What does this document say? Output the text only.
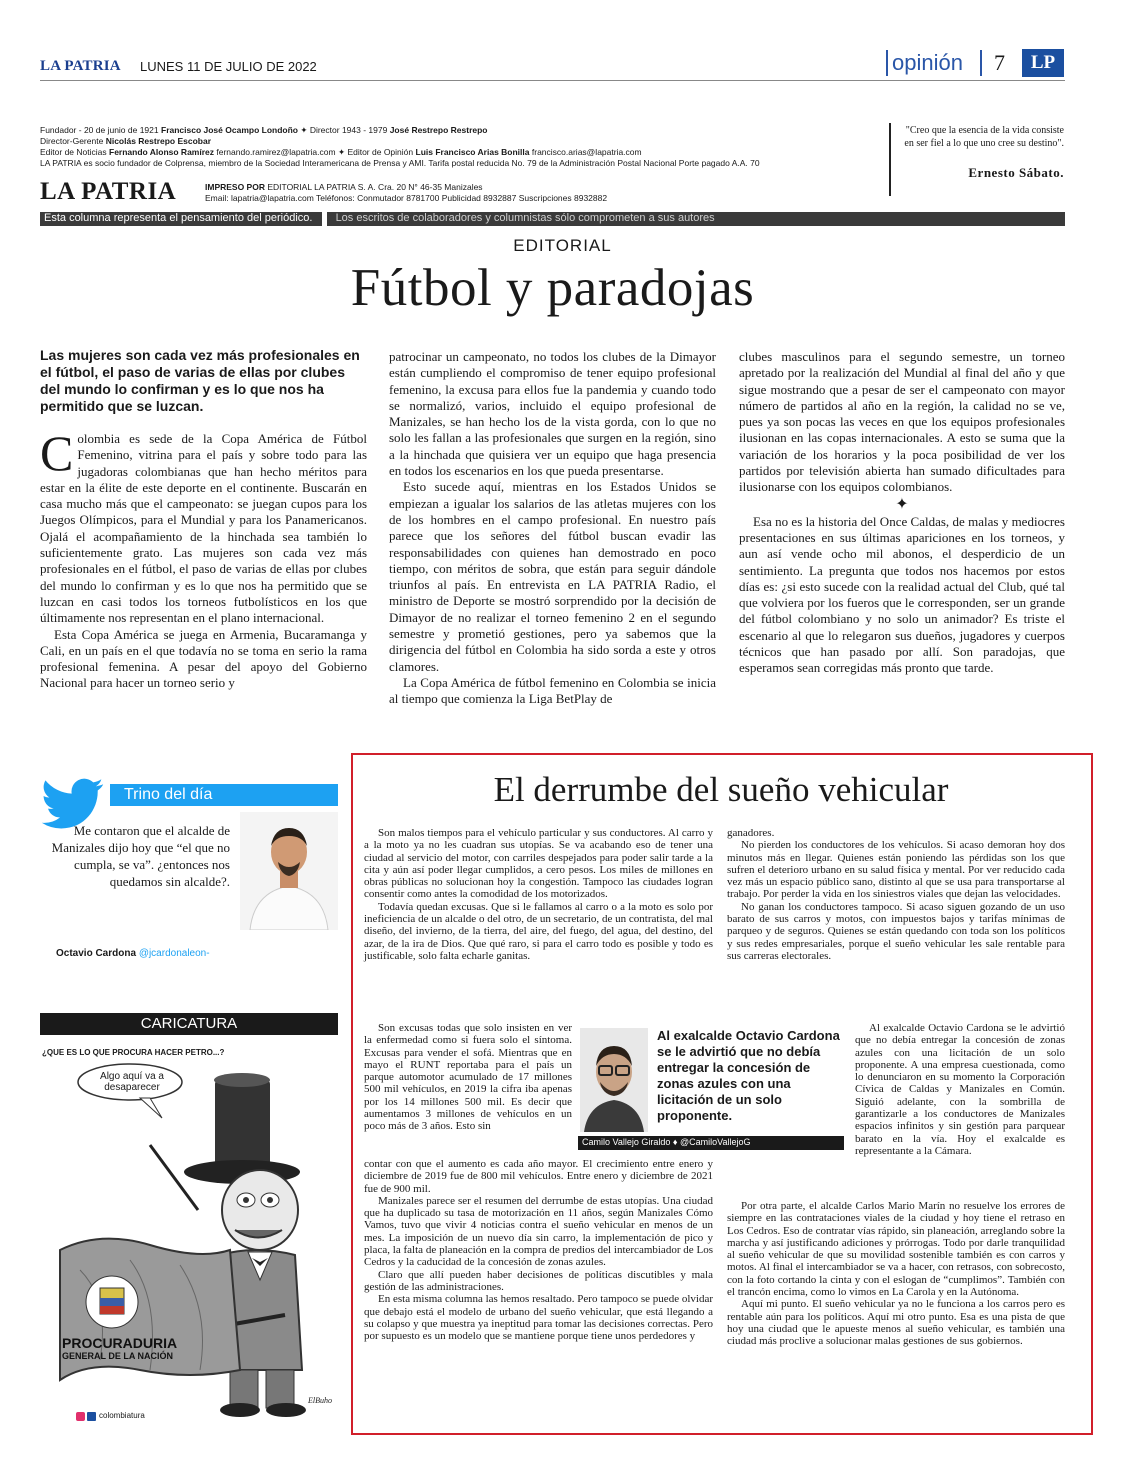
LA PATRIA LUNES 11 DE JULIO DE 2022	opinión 7	LP
Fundador - 20 de junio de 1921 Francisco José Ocampo Londoño ✦ Director 1943 - 1979 José Restrepo Restrepo
Director-Gerente Nicolás Restrepo Escobar
Editor de Noticias Fernando Alonso Ramírez fernando.ramirez@lapatria.com ✦ Editor de Opinión Luis Francisco Arias Bonilla francisco.arias@lapatria.com
LA PATRIA es socio fundador de Colprensa, miembro de la Sociedad Interamericana de Prensa y AMI. Tarifa postal reducida No. 79 de la Administración Postal Nacional Porte pagado A.A. 70
LA PATRIA	IMPRESO POR EDITORIAL LA PATRIA S. A. Cra. 20 N° 46-35 Manizales
Email: lapatria@lapatria.com Teléfonos: Conmutador 8781700 Publicidad 8932887 Suscripciones 8932882
"Creo que la esencia de la vida consiste en ser fiel a lo que uno cree su destino".
Ernesto Sábato.
Esta columna representa el pensamiento del periódico. Los escritos de colaboradores y columnistas sólo comprometen a sus autores
EDITORIAL
Fútbol y paradojas
Las mujeres son cada vez más profesionales en el fútbol, el paso de varias de ellas por clubes del mundo lo confirman y es lo que nos ha permitido que se luzcan.

Colombia es sede de la Copa América de Fútbol Femenino, vitrina para el país y sobre todo para las jugadoras colombianas que han hecho méritos para estar en la élite de este deporte en el continente. Buscarán en casa mucho más que el campeonato: se juegan cupos para los Juegos Olímpicos, para el Mundial y para los Panamericanos. Ojalá el acompañamiento de la hinchada sea también lo suficientemente grato. Las mujeres son cada vez más profesionales en el fútbol, el paso de varias de ellas por clubes del mundo lo confirman y es lo que nos ha permitido que se luzcan en casi todos los torneos futbolísticos en los que últimamente nos representan en el plano internacional.

Esta Copa América se juega en Armenia, Bucaramanga y Cali, en un país en el que todavía no se toma en serio la rama profesional femenina. A pesar del apoyo del Gobierno Nacional para hacer un torneo serio y

patrocinar un campeonato, no todos los clubes de la Dimayor están cumpliendo el compromiso de tener equipo profesional femenino, la excusa para ellos fue la pandemia y cuando todo se normalizó, varios, incluido el equipo profesional de Manizales, se han hecho los de la vista gorda, con lo que no solo les fallan a las profesionales que surgen en la región, sino a la hinchada que quisiera ver un equipo que haga presencia en todos los escenarios en los que pueda presentarse.

Esto sucede aquí, mientras en los Estados Unidos se empiezan a igualar los salarios de las atletas mujeres con los de los hombres en el campo profesional. En nuestro país parece que los señores del fútbol buscan evadir las responsabilidades con quienes han demostrado en poco tiempo, con méritos de sobra, que están para seguir dándole triunfos al país. En entrevista en LA PATRIA Radio, el ministro de Deporte se mostró sorprendido por la decisión de Dimayor de no realizar el torneo femenino 2 en el segundo semestre y prometió gestiones, pero ya sabemos que la dirigencia del fútbol en Colombia ha sido sorda a este y otros clamores.

La Copa América de fútbol femenino en Colombia se inicia al tiempo que comienza la Liga BetPlay de

clubes masculinos para el segundo semestre, un torneo apretado por la realización del Mundial al final del año y que sigue mostrando que a pesar de ser el campeonato con mayor número de partidos al año en la región, la calidad no se ve, pues ya son pocas las veces en que los equipos profesionales ilusionan en las copas internacionales. A esto se suma que la variación de los horarios y la poca posibilidad de ver los partidos por televisión abierta han sumado dificultades para ilusionarse con los equipos colombianos.

✦

Esa no es la historia del Once Caldas, de malas y mediocres presentaciones en sus últimas apariciones en los torneos, y aun así vende ocho mil abonos, el desperdicio de un sentimiento. La pregunta que todos nos hacemos por estos días es: ¿si esto sucede con la realidad actual del Club, qué tal que volviera por los fueros que le corresponden, ser un grande del fútbol colombiano y no solo un animador? Es triste el escenario al que lo relegaron sus dueños, jugadores y cuerpos técnicos que han pasado por allí. Son paradojas, que esperamos sean corregidas más pronto que tarde.

Trino del día
Me contaron que el alcalde de Manizales dijo hoy que “el que no cumpla, se va”. ¿entonces nos quedamos sin alcalde?.
Octavio Cardona @jcardonaleon-
CARICATURA
¿QUE ES LO QUE PROCURA HACER PETRO...?
Algo aquí va a desaparecer
PROCURADURIA
GENERAL DE LA NACIÓN
ElBuho
colombiatura
El derrumbe del sueño vehicular

Son malos tiempos para el vehículo particular y sus conductores. Al carro y a la moto ya no les cuadran sus utopías. Se va acabando eso de tener una ciudad al servicio del motor, con carriles despejados para poder salir tarde a la cita y aún así poder llegar cumplidos, a cero pesos. Los miles de millones en obras públicas no solucionan hoy la congestión. Tampoco las ciudades logran consentir como antes la comodidad de los motorizados.

Todavía quedan excusas. Que si le fallamos al carro o a la moto es solo por ineficiencia de un alcalde o del otro, de un secretario, de un contratista, del mal diseño, del invierno, de la tierra, del aire, del fuego, del agua, del destino, del azar, de la ira de Dios. Que qué raro, si para el carro todo es posible y todo es justificable, solo falta echarle ganitas.

Son excusas todas que solo insisten en ver la enfermedad como si fuera solo el síntoma. Excusas para vender el sofá. Mientras que en mayo el RUNT reportaba para el país un parque automotor acumulado de 17 millones 500 mil vehículos, en 2019 la cifra iba apenas por los 14 millones 500 mil. Es decir que aumentamos 3 millones de vehículos en un poco más de 3 años. Esto sin

contar con que el aumento es cada año mayor. El crecimiento entre enero y diciembre de 2019 fue de 800 mil vehículos. Entre enero y diciembre de 2021 fue de 900 mil.

Manizales parece ser el resumen del derrumbe de estas utopías. Una ciudad que ha duplicado su tasa de motorización en 11 años, según Manizales Cómo Vamos, tuvo que vivir 4 noticias contra el sueño vehicular en menos de un mes. La imposición de un nuevo día sin carro, la implementación de pico y placa, la falta de planeación en la compra de predios del intercambiador de Los Cedros y la caducidad de la concesión de zonas azules.

Claro que allí pueden haber decisiones de políticas discutibles y mala gestión de las administraciones.

En esta misma columna las hemos resaltado. Pero tampoco se puede olvidar que debajo está el modelo de urbano del sueño vehicular, que está llegando a su colapso y que muestra ya ineptitud para tomar las decisiones correctas. Pero por supuesto es un modelo que se mantiene porque tiene unos perdedores y

ganadores.

No pierden los conductores de los vehículos. Si acaso demoran hoy dos minutos más en llegar. Quienes están poniendo las pérdidas son los que sufren el deterioro urbano en su salud física y mental. Por ver reducido cada vez más un espacio público sano, distinto al que se usa para transportarse al trabajo. Por perder la vida en los siniestros viales que dejan las velocidades.

No ganan los conductores tampoco. Si acaso siguen gozando de un uso barato de sus carros y motos, con impuestos bajos y tarifas mínimas de parqueo y de seguros. Quienes se están quedando con toda son los políticos y sus redes empresariales, porque el sueño vehicular les sale rentable para sus carreras electorales.

Al exalcalde Octavio Cardona se le advirtió que no debía entregar la concesión de zonas azules con una licitación de un solo proponente. A una empresa cuestionada, como lo denunciaron en su momento la Corporación Cívica de Caldas y Manizales en Común. Siguió adelante, con la sombrilla de garantizarle a los conductores de Manizales espacios infinitos y sin gestión para parquear barato en la vía. Hoy el exalcalde es representante a la Cámara.

Por otra parte, el alcalde Carlos Mario Marín no resuelve los errores de siempre en las contrataciones viales de la ciudad y hoy tiene el retraso en Los Cedros. Eso de contratar vías rápido, sin planeación, arreglando sobre la marcha y así justificando adiciones y prórrogas. Todo por darle tranquilidad al sueño vehicular de que su movilidad sostenible también es con carros y motos. Al final el intercambiador se va a hacer, con retrasos, con sobrecosto, con la foto cortando la cinta y con el eslogan de “cumplimos”. También con el trancón encima, como lo vimos en La Carola y en la Autónoma.

Aquí mi punto. El sueño vehicular ya no le funciona a los carros pero es rentable aún para los políticos. Aquí mi otro punto. Esa es una pista de que hoy una ciudad que le apueste menos al sueño vehicular, es también una ciudad más proclive a solucionar malas gestiones de sus gobiernos.

Al exalcalde Octavio Cardona se le advirtió que no debía entregar la concesión de zonas azules con una licitación de un solo proponente.
Camilo Vallejo Giraldo ♦ @CamiloVallejoG
